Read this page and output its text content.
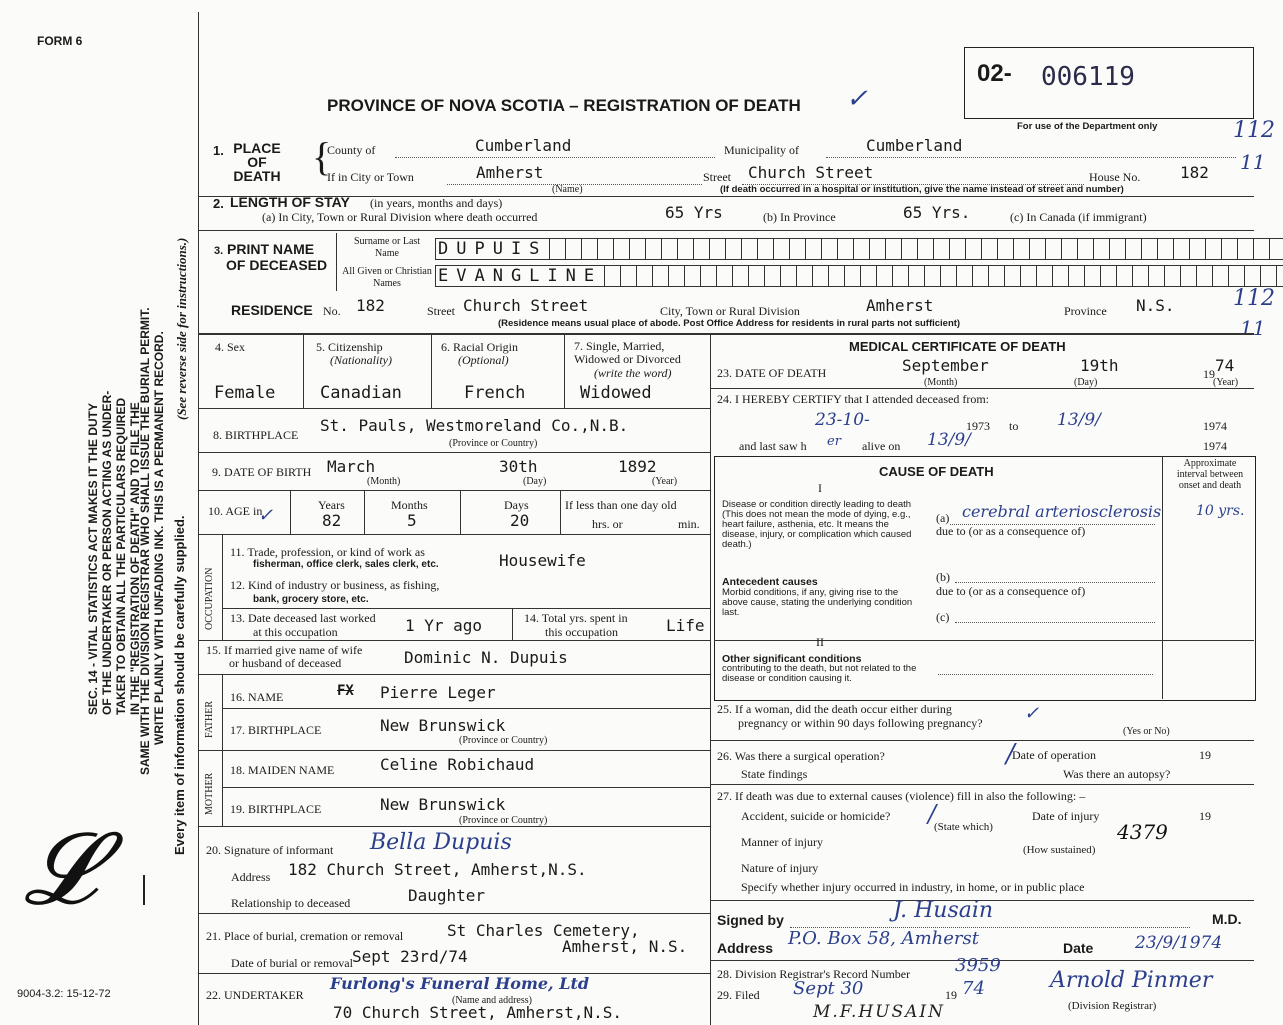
FORM 6
PROVINCE OF NOVA SCOTIA – REGISTRATION OF DEATH ✓
02- 006119
For use of the Department only	112
11
112
11
SEC. 14 - VITAL STATISTICS ACT MAKES IT THE DUTY OF THE UNDERTAKER OR PERSON ACTING AS UNDER- TAKER TO OBTAIN ALL THE PARTICULARS REQUIRED IN THE "REGISTRATION OF DEATH" AND TO FILE THE
SAME WITH THE DIVISION REGISTRAR WHO SHALL ISSUE THE BURIAL PERMIT. WRITE PLAINLY WITH UNFADING INK. THIS IS A PERMANENT RECORD.
(See reverse side for instructions.)
Every item of information should be carefully supplied.
𝓛
9004-3.2: 15-12-72
1. PLACE OF DEATH {
County of	Cumberland	Municipality of	Cumberland
If in City or Town	Amherst
(Name)
Street Church Street	House No. 182
(If death occurred in a hospital or institution, give the name instead of street and number)
2. LENGTH OF STAY (in years, months and days)
(a) In City, Town or Rural Division where death occurred	65 Yrs	(b) In Province	65 Yrs.	(c) In Canada (if immigrant)
3. PRINT NAME
OF DECEASED
Surname or Last Name
All Given or Christian Names
DUPUIS
EVANGLINE
RESIDENCE No. 182	Street Church Street	City, Town or Rural Division	Amherst	Province N.S.
(Residence means usual place of abode. Post Office Address for residents in rural parts not sufficient)
4. Sex
Female
5. Citizenship
(Nationality)
Canadian
6. Racial Origin
(Optional)
French
7. Single, Married, Widowed or Divorced
(write the word)
Widowed
8. BIRTHPLACE St. Pauls, Westmoreland Co.,N.B.
(Province or Country)
9. DATE OF BIRTH March	30th	1892
(Month)	(Day)	(Year)
10. AGE in
✓	Years	Months	Days
82	5	20
If less than one day old
hrs. or	min.
OCCUPATION
11. Trade, profession, or kind of work as
fisherman, office clerk, sales clerk, etc.	Housewife
12. Kind of industry or business, as fishing,
bank, grocery store, etc.
13. Date deceased last worked
at this occupation	1 Yr ago	14. Total yrs. spent in
this occupation	Life
15. If married give name of wife
or husband of deceased	Dominic N. Dupuis
FATHER
16. NAME	FX Pierre Leger
17. BIRTHPLACE	New Brunswick
(Province or Country)
MOTHER
18. MAIDEN NAME	Celine Robichaud
19. BIRTHPLACE	New Brunswick
(Province or Country)
20. Signature of informant Bella Dupuis
Address 182 Church Street, Amherst,N.S.
Relationship to deceased	Daughter
21. Place of burial, cremation or removal	St Charles Cemetery,
Amherst, N.S.
Date of burial or removal Sept 23rd/74
22. UNDERTAKER
Furlong's Funeral Home, Ltd
(Name and address)
70 Church Street, Amherst,N.S.
MEDICAL CERTIFICATE OF DEATH
23. DATE OF DEATH	September	19th	19 74
(Month)	(Day)	(Year)
24. I HEREBY CERTIFY that I attended deceased from:
23-10-	1973 to 13/9/	1974
and last saw h er alive on 13/9/	1974
CAUSE OF DEATH
Approximate interval between onset and death
I
Disease or condition directly leading to death (This does not mean the mode of dying, e.g., heart failure, asthenia, etc. It means the disease, injury, or complication which caused death.)
(a) cerebral arteriosclerosis 10 yrs.
due to (or as a consequence of)
Antecedent causes
Morbid conditions, if any, giving rise to the above cause, stating the underlying condition last.
(b)
due to (or as a consequence of)
(c)
II
Other significant conditions
contributing to the death, but not related to the disease or condition causing it.
25. If a woman, did the death occur either during
pregnancy or within 90 days following pregnancy? ✓
(Yes or No)
26. Was there a surgical operation?	Date of operation	19
State findings	Was there an autopsy?
/
27. If death was due to external causes (violence) fill in also the following: –
Accident, suicide or homicide? /
(State which)
Date of injury	19
Manner of injury	4379
(How sustained)
Nature of injury
Specify whether injury occurred in industry, in home, or in public place
Signed by	J. Husain	M.D.
Address P.O. Box 58, Amherst	Date 23/9/1974
28. Division Registrar's Record Number 3959
29. Filed Sept 30	19 74	Arnold Pinmer
(Division Registrar)
M.F.HUSAIN
